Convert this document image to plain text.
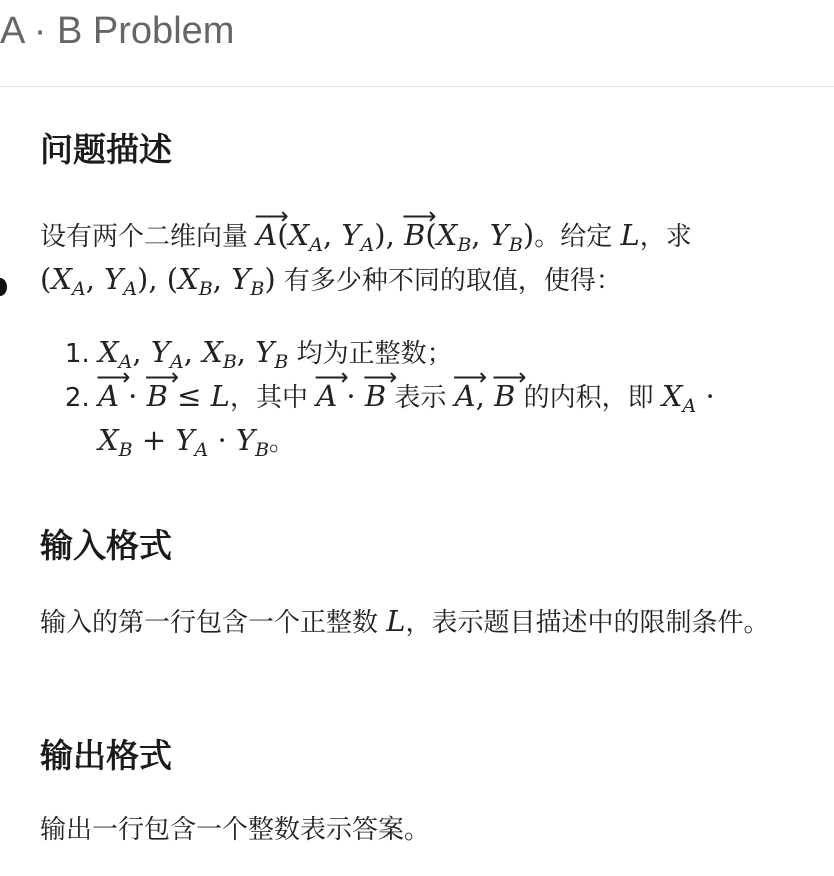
A · B Problem
问题描述

设有两个二维向量 ⟶ $A(X_A$, $Y_A$), ⟶ $B(X_B$, $Y_B$)。给定 L，求
($X_A$, $Y_A$), ($X_B$, $Y_B$) 有多少种不同的取值，使得：

1. $X_A$, $Y_A$, $X_B$, $Y_B$ 均为正整数；
2. ⟶ A · ⟶ B ≤ L，其中 ⟶ A · ⟶ B 表示 ⟶ A, ⟶ B 的内积，即 $X_A$ ·
$X_B + Y_A \cdot Y_B$。
输入格式

输入的第一行包含一个正整数 L，表示题目描述中的限制条件。

输出格式

输出一行包含一个整数表示答案。
